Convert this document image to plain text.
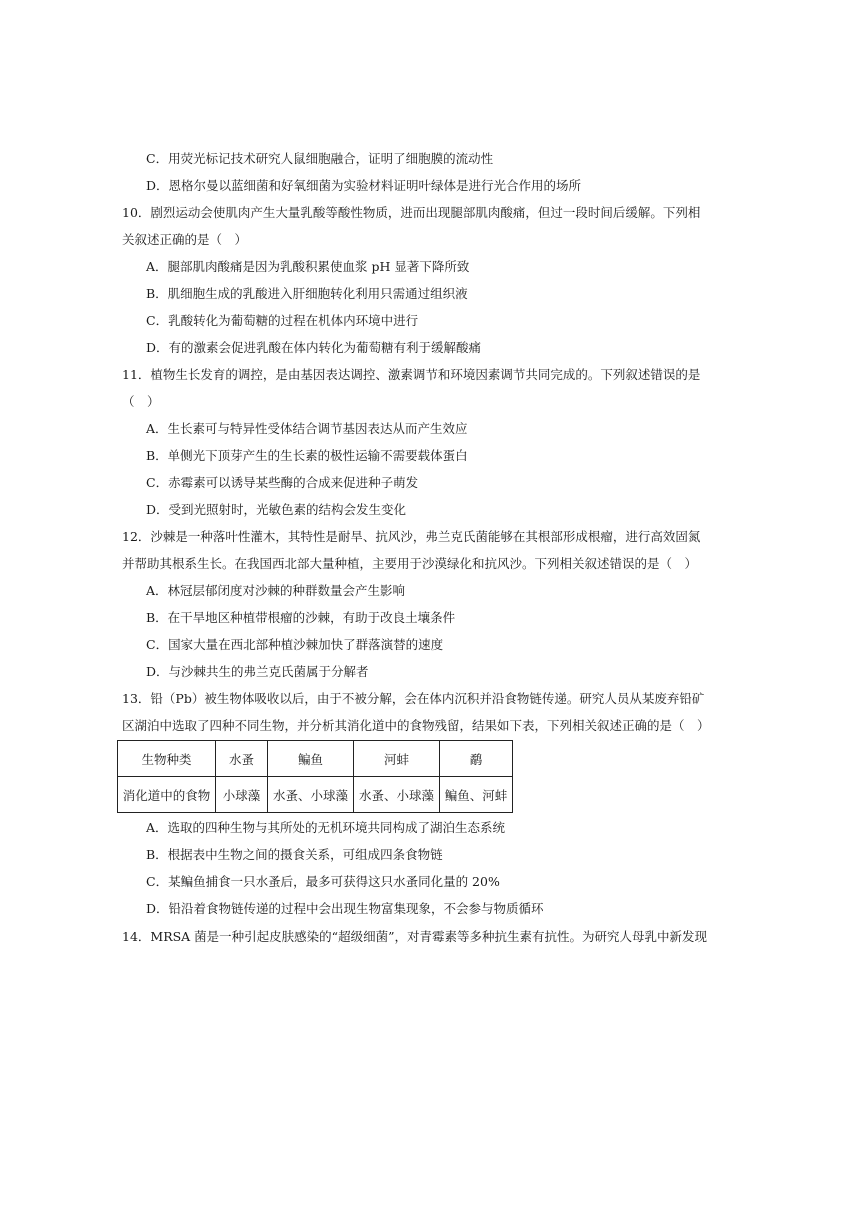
C．用荧光标记技术研究人鼠细胞融合，证明了细胞膜的流动性
D．恩格尔曼以蓝细菌和好氧细菌为实验材料证明叶绿体是进行光合作用的场所
10．剧烈运动会使肌肉产生大量乳酸等酸性物质，进而出现腿部肌肉酸痛，但过一段时间后缓解。下列相
关叙述正确的是（　）
A．腿部肌肉酸痛是因为乳酸积累使血浆 pH 显著下降所致
B．肌细胞生成的乳酸进入肝细胞转化利用只需通过组织液
C．乳酸转化为葡萄糖的过程在机体内环境中进行
D．有的激素会促进乳酸在体内转化为葡萄糖有利于缓解酸痛
11．植物生长发育的调控，是由基因表达调控、激素调节和环境因素调节共同完成的。下列叙述错误的是
（　）
A．生长素可与特异性受体结合调节基因表达从而产生效应
B．单侧光下顶芽产生的生长素的极性运输不需要载体蛋白
C．赤霉素可以诱导某些酶的合成来促进种子萌发
D．受到光照射时，光敏色素的结构会发生变化
12．沙棘是一种落叶性灌木，其特性是耐旱、抗风沙，弗兰克氏菌能够在其根部形成根瘤，进行高效固氮
并帮助其根系生长。在我国西北部大量种植，主要用于沙漠绿化和抗风沙。下列相关叙述错误的是（　）
A．林冠层郁闭度对沙棘的种群数量会产生影响
B．在干旱地区种植带根瘤的沙棘，有助于改良土壤条件
C．国家大量在西北部种植沙棘加快了群落演替的速度
D．与沙棘共生的弗兰克氏菌属于分解者
13．铅（Pb）被生物体吸收以后，由于不被分解，会在体内沉积并沿食物链传递。研究人员从某废弃铅矿
区湖泊中选取了四种不同生物，并分析其消化道中的食物残留，结果如下表，下列相关叙述正确的是（　）
生物种类	水蚤	鳊鱼	河蚌	鹬
消化道中的食物	小球藻	水蚤、小球藻	水蚤、小球藻	鳊鱼、河蚌
A．选取的四种生物与其所处的无机环境共同构成了湖泊生态系统
B．根据表中生物之间的摄食关系，可组成四条食物链
C．某鳊鱼捕食一只水蚤后，最多可获得这只水蚤同化量的 20%
D．铅沿着食物链传递的过程中会出现生物富集现象，不会参与物质循环
14．MRSA 菌是一种引起皮肤感染的“超级细菌”，对青霉素等多种抗生素有抗性。为研究人母乳中新发现
